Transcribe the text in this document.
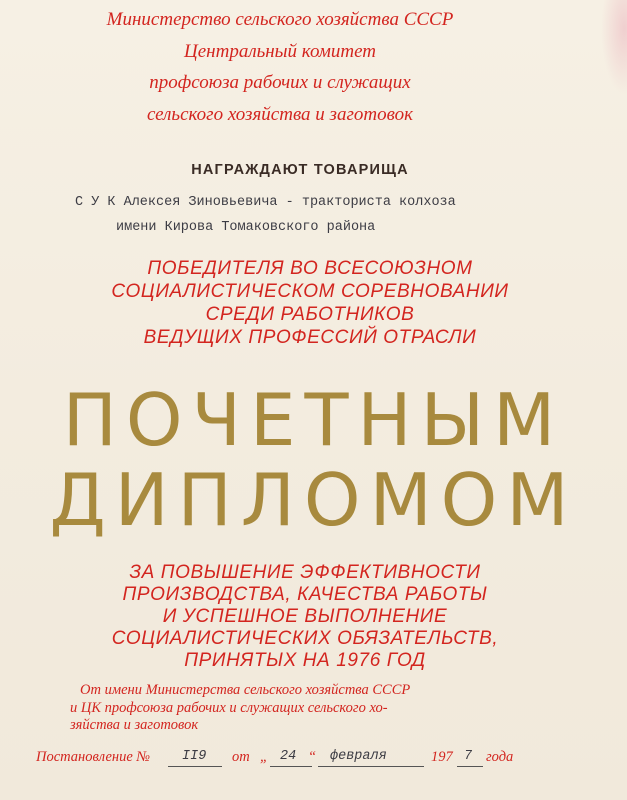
Министерство сельского хозяйства СССР
Центральный комитет
профсоюза рабочих и служащих
сельского хозяйства и заготовок
НАГРАЖДАЮТ ТОВАРИЩА
С У К Алексея Зиновьевича - тракториста колхоза
имени Кирова Томаковского района
ПОБЕДИТЕЛЯ ВО ВСЕСОЮЗНОМ
СОЦИАЛИСТИЧЕСКОМ СОРЕВНОВАНИИ
СРЕДИ РАБОТНИКОВ
ВЕДУЩИХ ПРОФЕССИЙ ОТРАСЛИ
ПОЧЕТНЫМ
ДИПЛОМОМ
ЗА ПОВЫШЕНИЕ ЭФФЕКТИВНОСТИ
ПРОИЗВОДСТВА, КАЧЕСТВА РАБОТЫ
И УСПЕШНОЕ ВЫПОЛНЕНИЕ
СОЦИАЛИСТИЧЕСКИХ ОБЯЗАТЕЛЬСТВ,
ПРИНЯТЫХ НА 1976 ГОД
От имени Министерства сельского хозяйства СССР
и ЦК профсоюза рабочих и служащих сельского хо-
зяйства и заготовок
Постановление № II9 от „ 24 “ февраля	197 7 года
